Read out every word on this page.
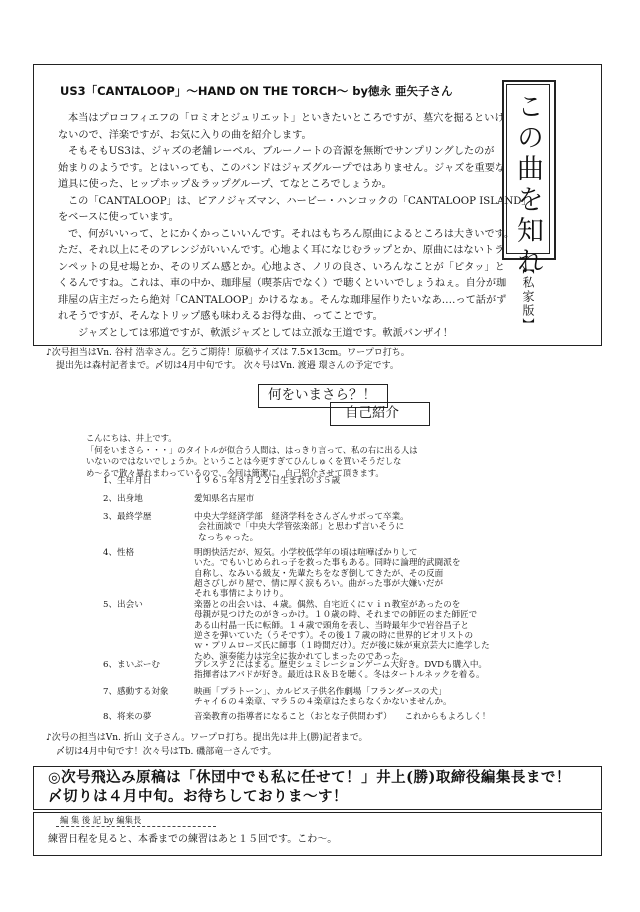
US3「CANTALOOP」〜HAND ON THE TORCH〜 by徳永 亜矢子さん
本当はプロコフィエフの「ロミオとジュリエット」といきたいところですが、墓穴を掘るといけ
ないので、洋楽ですが、お気に入りの曲を紹介します。
そもそもUS3は、ジャズの老舗レーベル、ブルーノートの音源を無断でサンプリングしたのが
始まりのようです。とはいっても、このバンドはジャズグループではありません。ジャズを重要な
道具に使った、ヒップホップ＆ラップグループ、てなところでしょうか。
この「CANTALOOP」は、ピアノジャズマン、ハービー・ハンコックの「CANTALOOP ISLAND」
をベースに使っています。
で、何がいいって、とにかくかっこいいんです。それはもちろん原曲によるところは大きいです。
ただ、それ以上にそのアレンジがいいんです。心地よく耳になじむラップとか、原曲にはないトラ
ンペットの見せ場とか、そのリズム感とか。心地よさ、ノリの良さ、いろんなことが「ピタッ」と
くるんですね。これは、車の中か、珈琲屋（喫茶店でなく）で聴くといいでしょうねぇ。自分が珈
琲屋の店主だったら絶対「CANTALOOP」かけるなぁ。そんな珈琲屋作りたいなあ‥‥って話がず
れそうですが、そんなトリップ感も味わえるお得な曲、ってことです。
ジャズとしては邪道ですが、軟派ジャズとしては立派な王道です。軟派バンザイ！
この曲を知れ
【私家版】
♪次号担当はVn. 谷村 浩幸さん。乞うご期待！原稿サイズは 7.5×13cm。ワープロ打ち。
提出先は森村記者まで。〆切は4月中旬です。 次々号はVn. 渡邉 環さんの予定です。
何をいまさら？！
自己紹介
こんにちは、井上です。
「何をいまさら・・・」のタイトルが似合う人間は、はっきり言って、私の右に出る人は
いないのではないでしょうか。ということは今更すぎてひんしゅくを買いそうだしな
め〜るで散々暴れまわっているので、今回は簡潔に、自己紹介させて頂きます。
1、生年月日	１９６５年８月２２日生まれの３５歳
2、出身地	愛知県名古屋市
3、最終学歴	中央大学経済学部　経済学科をさんざんサボって卒業。
会社面談で「中央大学管弦楽部」と思わず言いそうに
なっちゃった。
4、性格	明朗快活だが、短気。小学校低学年の頃は喧嘩ばかりして
いた。でもいじめられっ子を救った事もある。同時に論理的武闘派を
自称し、なみいる級友・先輩たちをなぎ倒してきたが、その反面
超さびしがり屋で、情に厚く涙もろい。曲がった事が大嫌いだが
それも事情によりけり。
5、出会い	楽器との出会いは、４歳。偶然、自宅近くにｖｉｎ教室があったのを
母親が見つけたのがきっかけ。１０歳の時、それまでの師匠のまた師匠で
ある山村晶一氏に転師。１４歳で頭角を表し、当時最年少で岩谷昌子と
逆さを弾いていた（うそです）。その後１７歳の時に世界的ピオリストの
ｗ・プリムローズ氏に師事（１時間だけ）。だが後に妹が東京芸大に進学した
ため、演奏能力は完全に抜かれてしまったのであった。
6、まいぶーむ	プレステ２にはまる。歴史シュミレーションゲーム大好き。DVDも購入中。
指揮者はアバドが好き。最近はＲ＆Ｂを聴く。冬はタートルネックを着る。
7、感動する対象	映画「プラトーン」、カルピス子供名作劇場「フランダースの犬」
チャイ６の４楽章、マラ５の４楽章はたまらなくかないませんか。
8、将来の夢	音楽教育の指導者になること（おとな子供問わず）　　これからもよろしく！
♪次号の担当はVn. 折山 文子さん。ワープロ打ち。提出先は井上(勝)記者まで。
〆切は4月中旬です！次々号はTb. 磯部竜一さんです。
◎次号飛込み原稿は「休団中でも私に任せて！」井上(勝)取締役編集長まで！
〆切りは４月中旬。お待ちしておりま〜す！
編 集 後 記 by 編集長
練習日程を見ると、本番までの練習はあと１５回です。こわ〜。
